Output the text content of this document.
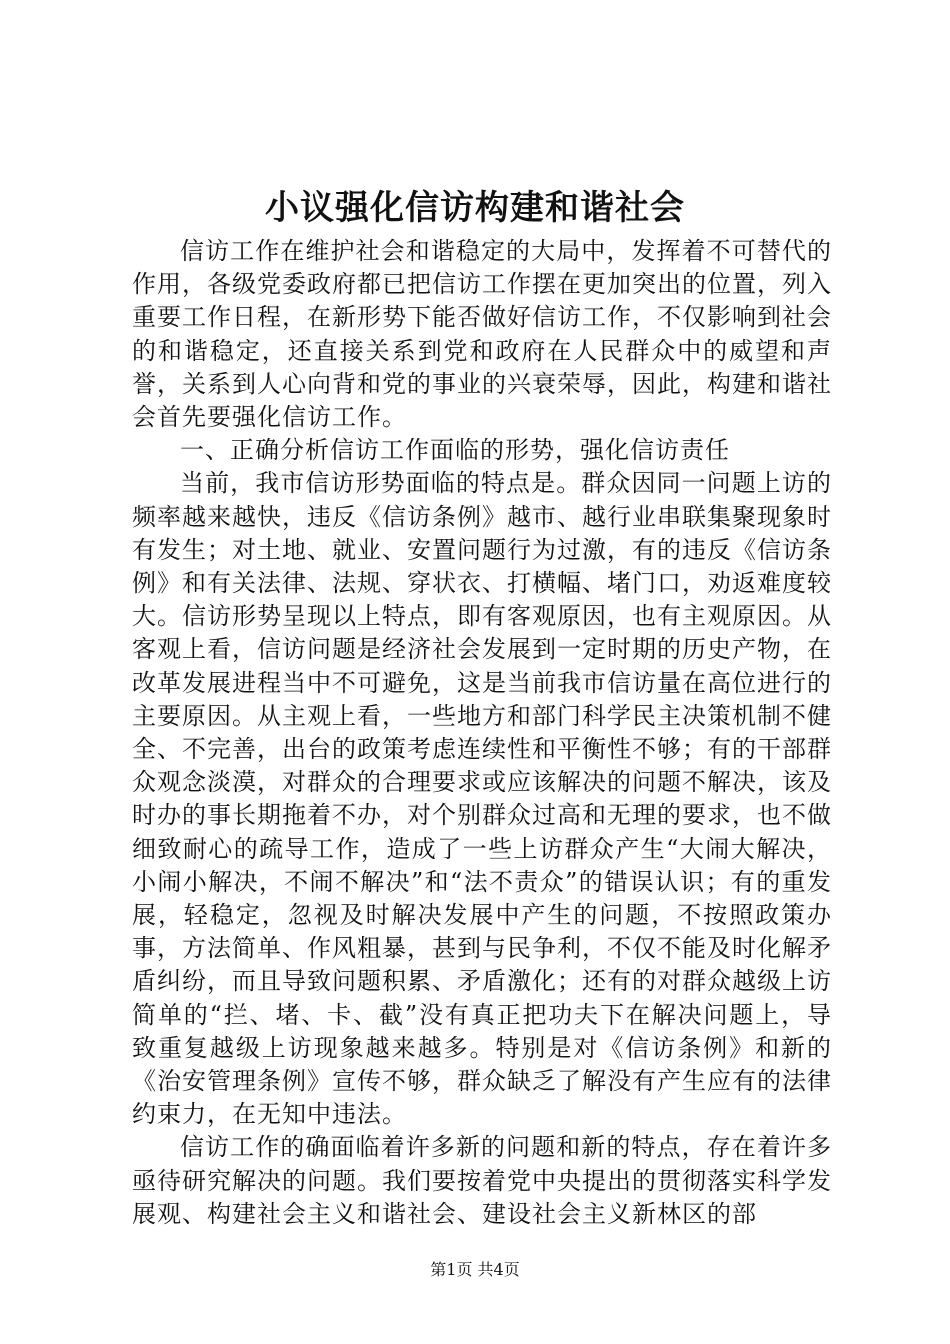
小议强化信访构建和谐社会

信访工作在维护社会和谐稳定的大局中，发挥着不可替代的作用，各级党委政府都已把信访工作摆在更加突出的位置，列入重要工作日程，在新形势下能否做好信访工作，不仅影响到社会的和谐稳定，还直接关系到党和政府在人民群众中的威望和声誉，关系到人心向背和党的事业的兴衰荣辱，因此，构建和谐社会首先要强化信访工作。

一、正确分析信访工作面临的形势，强化信访责任

当前，我市信访形势面临的特点是。群众因同一问题上访的频率越来越快，违反《信访条例》越市、越行业串联集聚现象时有发生；对土地、就业、安置问题行为过激，有的违反《信访条例》和有关法律、法规、穿状衣、打横幅、堵门口，劝返难度较大。信访形势呈现以上特点，即有客观原因，也有主观原因。从客观上看，信访问题是经济社会发展到一定时期的历史产物，在改革发展进程当中不可避免，这是当前我市信访量在高位进行的主要原因。从主观上看，一些地方和部门科学民主决策机制不健全、不完善，出台的政策考虑连续性和平衡性不够；有的干部群众观念淡漠，对群众的合理要求或应该解决的问题不解决，该及时办的事长期拖着不办，对个别群众过高和无理的要求，也不做细致耐心的疏导工作，造成了一些上访群众产生“大闹大解决，小闹小解决，不闹不解决”和“法不责众”的错误认识；有的重发展，轻稳定，忽视及时解决发展中产生的问题，不按照政策办事，方法简单、作风粗暴，甚到与民争利，不仅不能及时化解矛盾纠纷，而且导致问题积累、矛盾激化；还有的对群众越级上访简单的“拦、堵、卡、截”没有真正把功夫下在解决问题上，导致重复越级上访现象越来越多。特别是对《信访条例》和新的《治安管理条例》宣传不够，群众缺乏了解没有产生应有的法律约束力，在无知中违法。

信访工作的确面临着许多新的问题和新的特点，存在着许多亟待研究解决的问题。我们要按着党中央提出的贯彻落实科学发展观、构建社会主义和谐社会、建设社会主义新林区的部

第1页 共4页
